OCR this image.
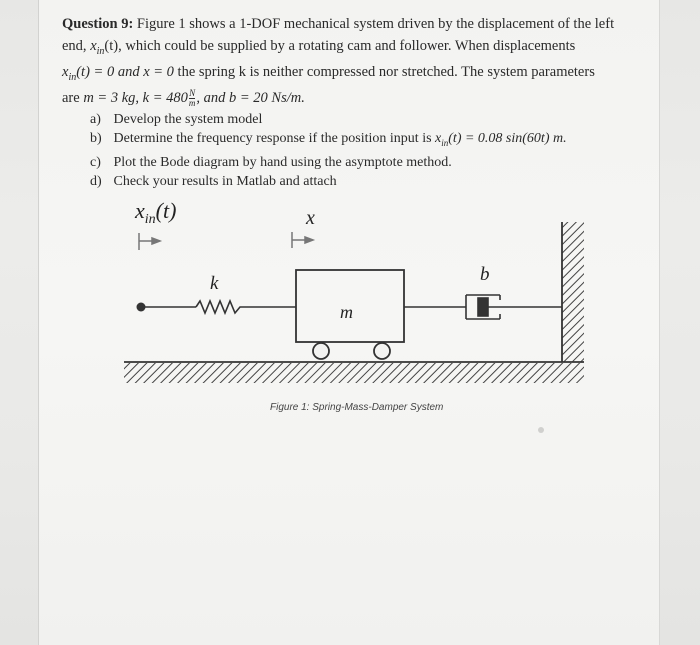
Question 9: Figure 1 shows a 1-DOF mechanical system driven by the displacement of the left
end, $x_{in}(t)$, which could be supplied by a rotating cam and follower. When displacements
$x_{in}(t) = 0$ and x = 0 the spring k is neither compressed nor stretched. The system parameters
are m = 3 kg, $k = 480 \frac{N}{m}$ , and b = 20 Ns/m.
a) Develop the system model
b) Determine the frequency response if the position input is $x_{in}(t) = 0.08$ sin(60t) m.
c) Plot the Bode diagram by hand using the asymptote method.
d) Check your results in Matlab and attach
$x_{in}(t)$	x
k
m
b
Figure 1: Spring-Mass-Damper System
